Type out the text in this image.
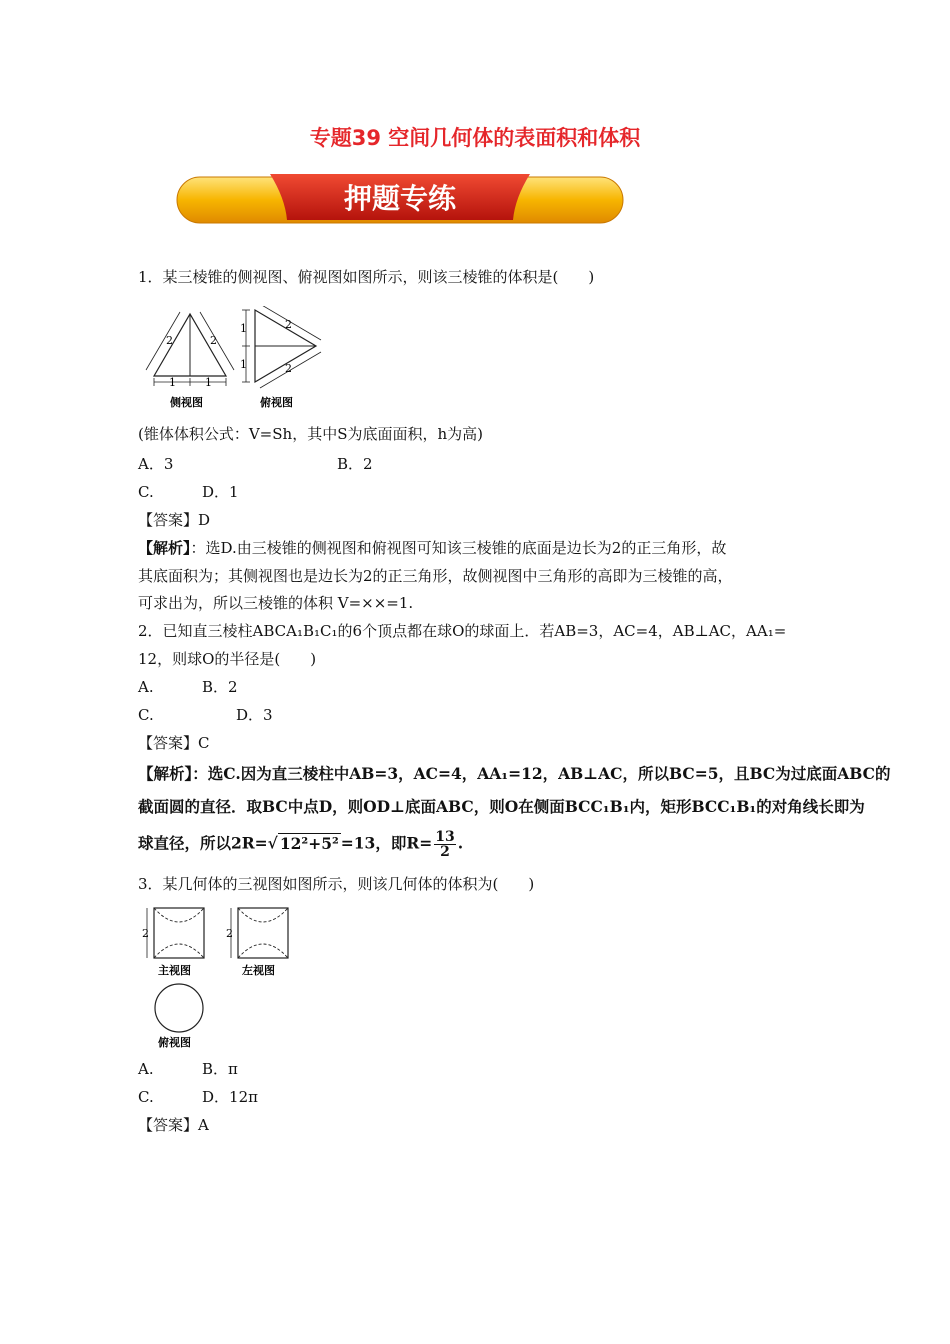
专题39 空间几何体的表面积和体积
押题专练
1．某三棱锥的侧视图、俯视图如图所示，则该三棱锥的体积是(　　)
2	2
1	1
侧视图
2
2
1
1
俯视图
(锥体体积公式：V=Sh，其中S为底面面积，h为高)
A．3	B．2
C.	D．1
【答案】D
【解析】：选D.由三棱锥的侧视图和俯视图可知该三棱锥的底面是边长为2的正三角形，故
其底面积为；其侧视图也是边长为2的正三角形，故侧视图中三角形的高即为三棱锥的高，
可求出为，所以三棱锥的体积 V=××=1.
2．已知直三棱柱ABCA₁B₁C₁的6个顶点都在球O的球面上．若AB=3，AC=4，AB⊥AC，AA₁=
12，则球O的半径是(　　)
A.	B．2
C.	D．3
【答案】C
【解析】：选C.因为直三棱柱中AB=3，AC=4，AA₁=12，AB⊥AC，所以BC=5，且BC为过底面ABC的
截面圆的直径．取BC中点D，则OD⊥底面ABC，则O在侧面BCC₁B₁内，矩形BCC₁B₁的对角线长即为
球直径，所以2R=√ 12²+5² =13，即$R= \frac{13}{2}$ .
3．某几何体的三视图如图所示，则该几何体的体积为(　　)
2
主视图
2
左视图
俯视图
A.	B．π
C.	D．12π
【答案】A
